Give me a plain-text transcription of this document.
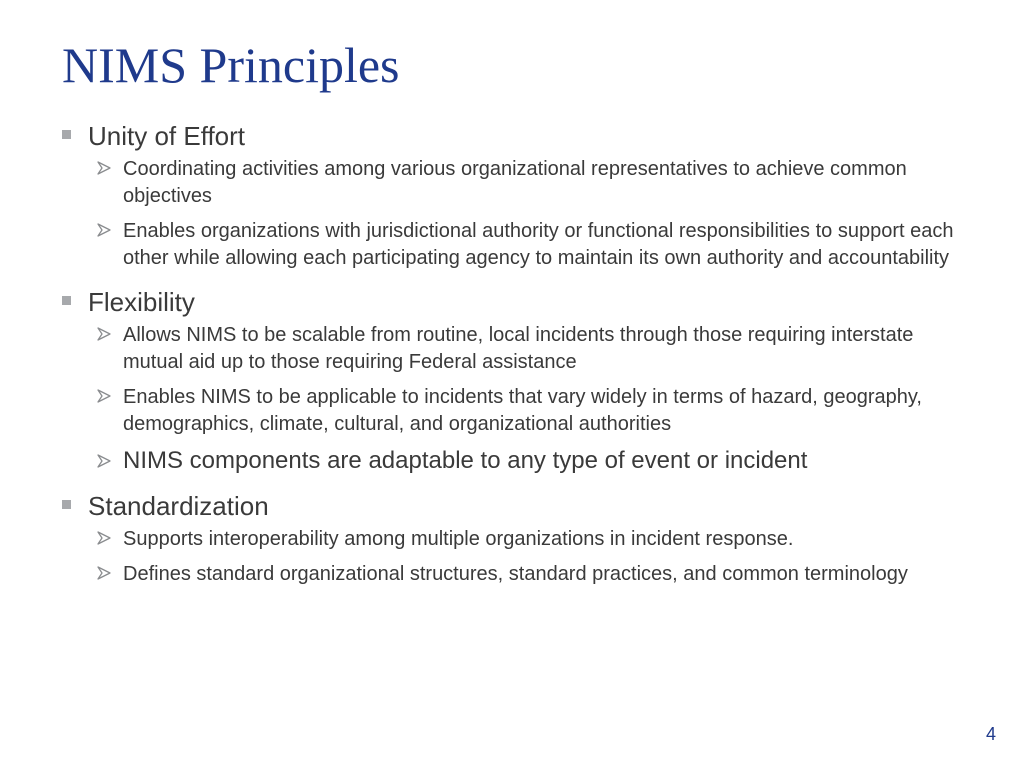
NIMS Principles
Unity of Effort
Coordinating activities among various organizational representatives to achieve common objectives
Enables organizations with jurisdictional authority or functional responsibilities to support each other while allowing each participating agency to maintain its own authority and accountability
Flexibility
Allows NIMS to be scalable from routine, local incidents through those requiring interstate mutual aid up to those requiring Federal assistance
Enables NIMS to be applicable to incidents that vary widely in terms of hazard, geography, demographics, climate, cultural, and organizational authorities
NIMS components are adaptable to any type of event or incident
Standardization
Supports interoperability among multiple organizations in incident response.
Defines standard organizational structures, standard practices, and common terminology
4
